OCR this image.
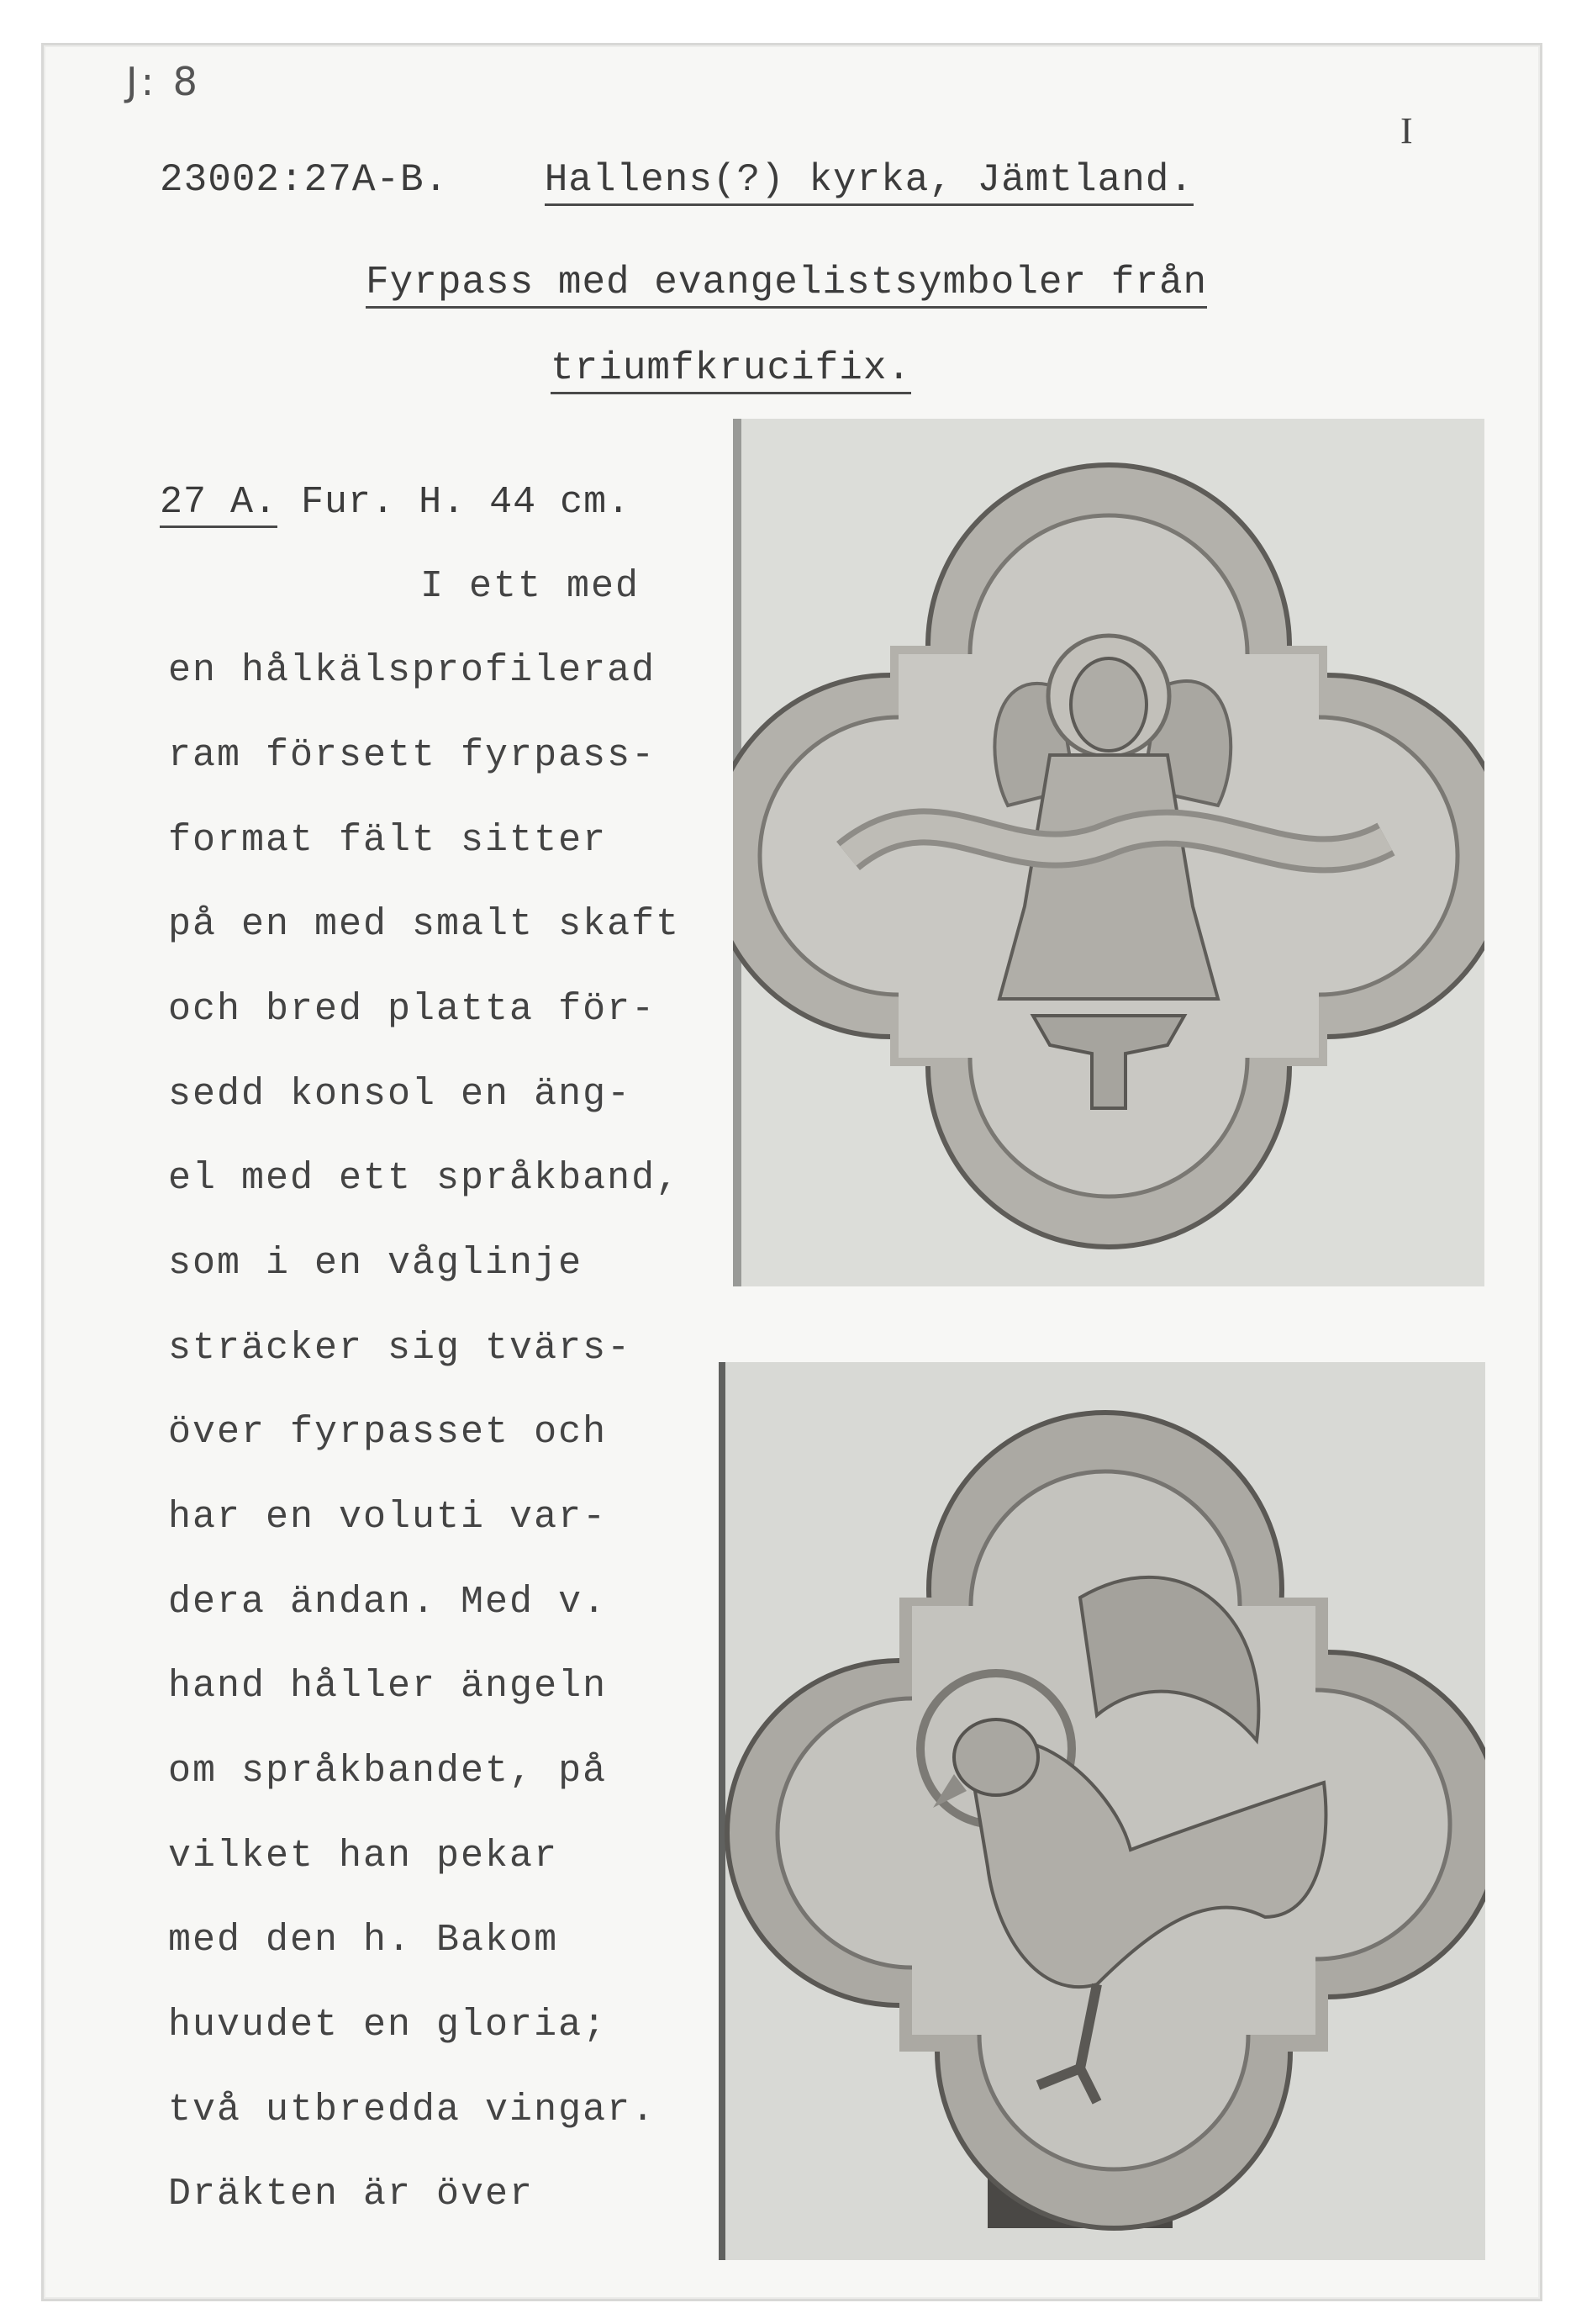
J: 8
I
23002:27A-B. Hallens(?) kyrka, Jämtland.
Fyrpass med evangelistsymboler från
triumfkrucifix.
27 A. Fur. H. 44 cm.
I ett med
en hålkälsprofilerad
ram försett fyrpass-
format fält sitter
på en med smalt skaft
och bred platta för-
sedd konsol en äng-
el med ett språkband,
som i en våglinje
sträcker sig tvärs-
över fyrpasset och
har en voluti var-
dera ändan. Med v.
hand håller ängeln
om språkbandet, på
vilket han pekar
med den h. Bakom
huvudet en gloria;
två utbredda vingar.
Dräkten är över
